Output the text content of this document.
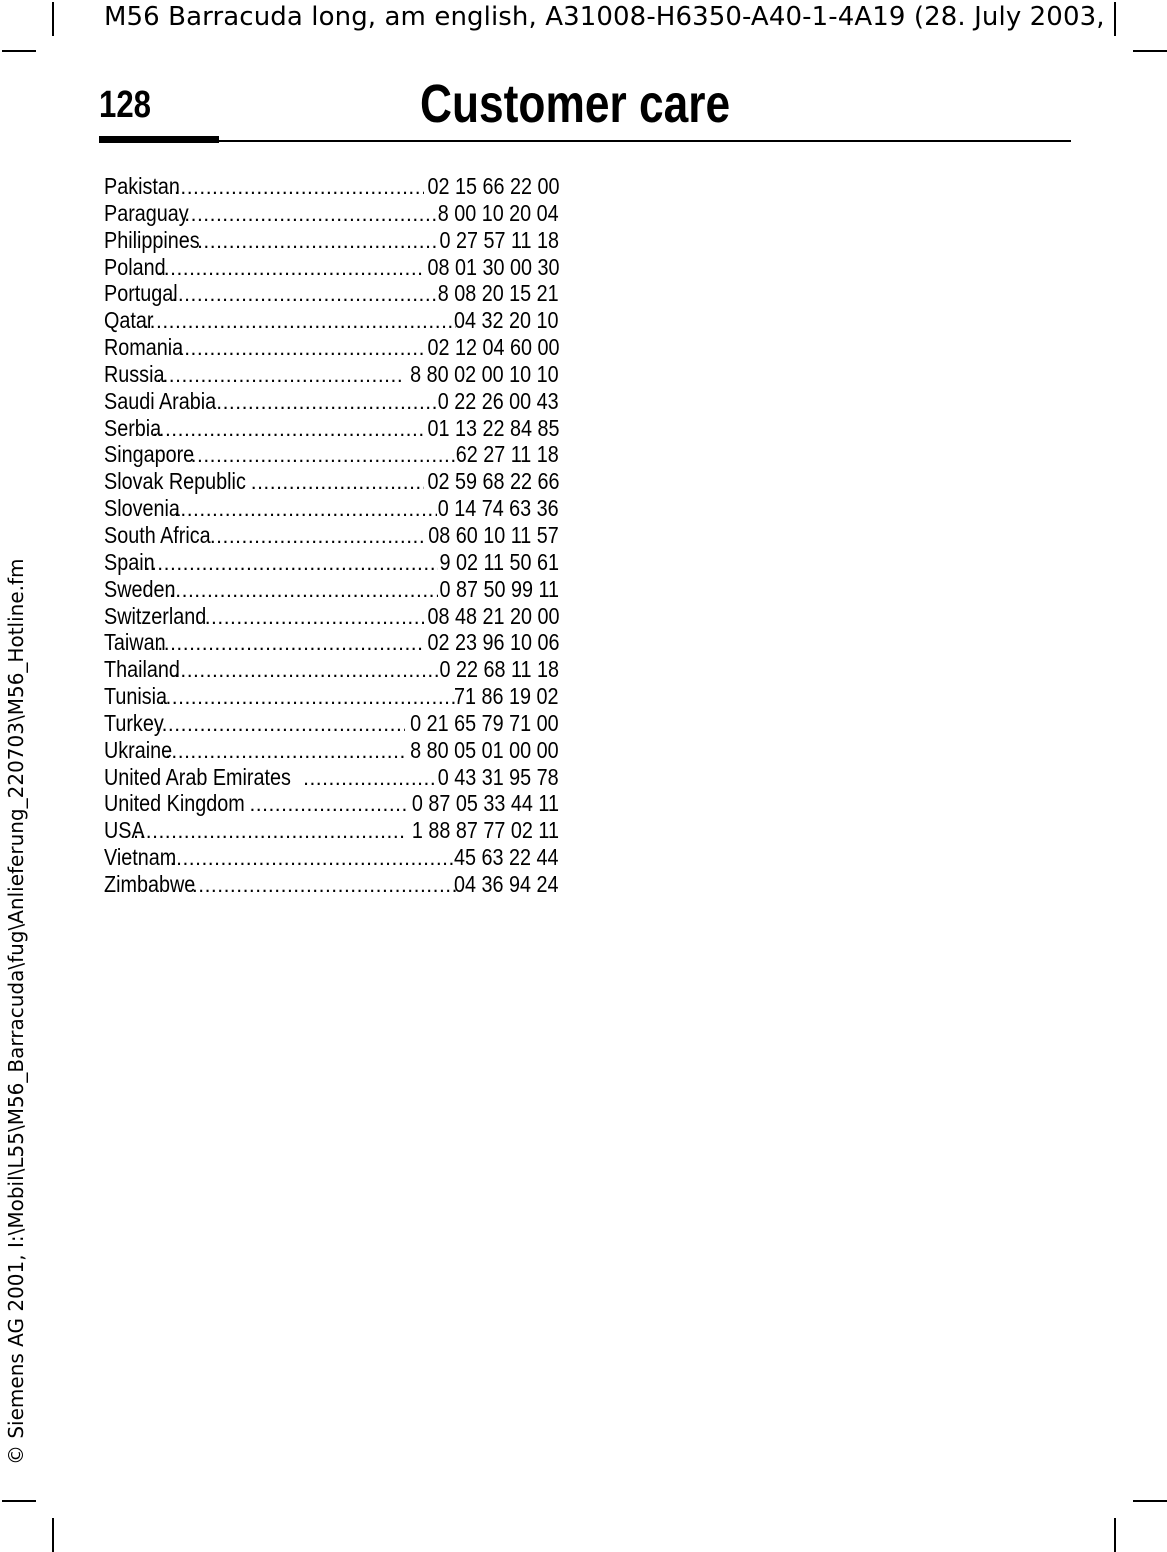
M56 Barracuda long, am english, A31008-H6350-A40-1-4A19 (28. July 2003,
128	Customer care
© Siemens AG 2001, I:\Mobil\L55\M56_Barracuda\fug\Anlieferung_220703\M56_Hotline.fm
Pakistan .....	02 15 66 22 00
Paraguay .....	8 00 10 20 04
Philippines .....	0 27 57 11 18
Poland .....	08 01 30 00 30
Portugal .....	8 08 20 15 21
Qatar .....	04 32 20 10
Romania .....	02 12 04 60 00
Russia .....	8 80 02 00 10 10
Saudi Arabia .....	0 22 26 00 43
Serbia .....	01 13 22 84 85
Singapore .....	62 27 11 18
Slovak Republic .....	02 59 68 22 66
Slovenia .....	0 14 74 63 36
South Africa .....	08 60 10 11 57
Spain .....	9 02 11 50 61
Sweden .....	0 87 50 99 11
Switzerland .....	08 48 21 20 00
Taiwan .....	02 23 96 10 06
Thailand .....	0 22 68 11 18
Tunisia .....	71 86 19 02
Turkey .....	0 21 65 79 71 00
Ukraine .....	8 80 05 01 00 00
United Arab Emirates .....	0 43 31 95 78
United Kingdom .....	0 87 05 33 44 11
USA .....	1 88 87 77 02 11
Vietnam .....	45 63 22 44
Zimbabwe .....	04 36 94 24
